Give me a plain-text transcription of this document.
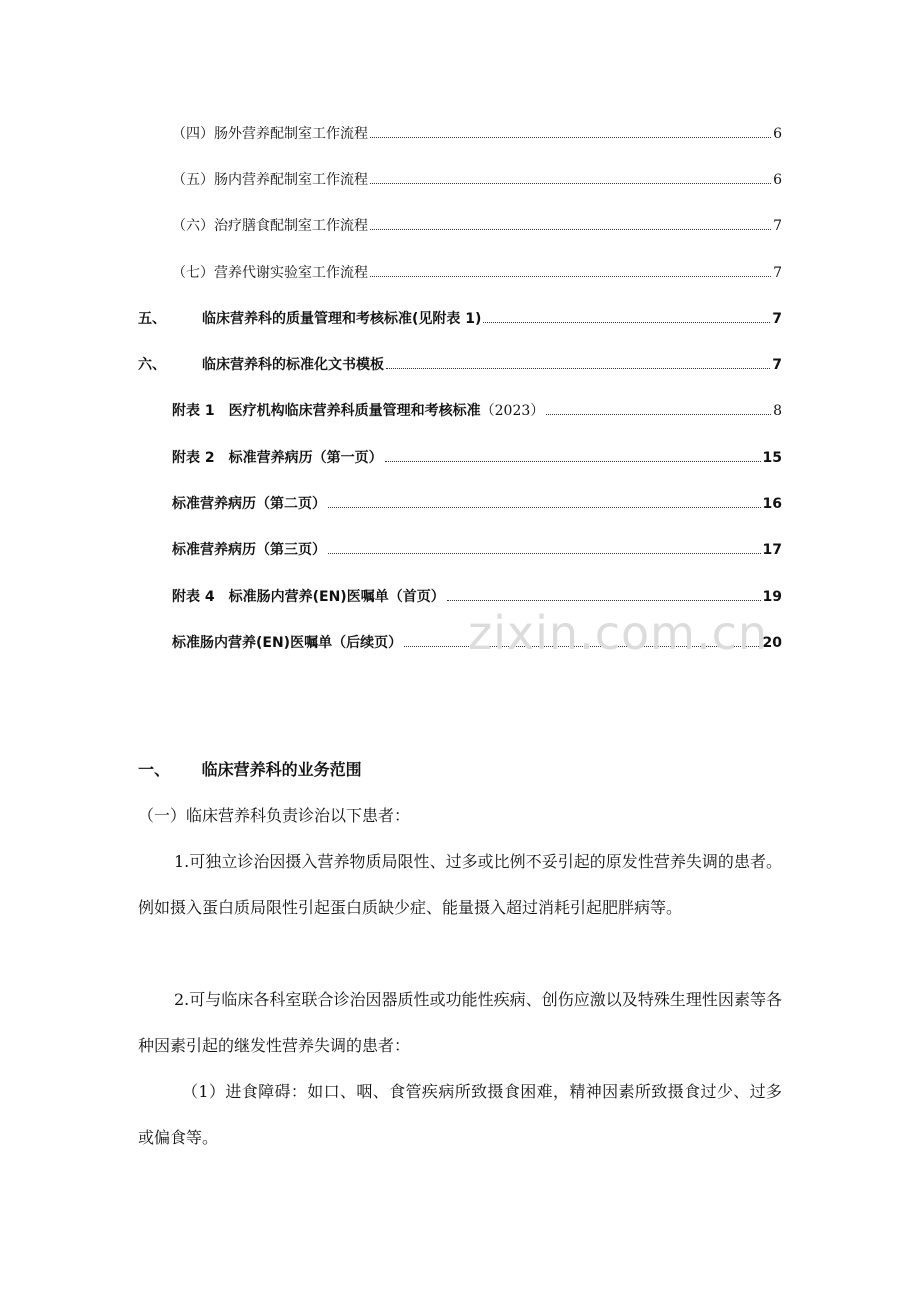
（四）肠外营养配制室工作流程	6
（五）肠内营养配制室工作流程	6
（六）治疗膳食配制室工作流程	7
（七）营养代谢实验室工作流程	7
五、	临床营养科的质量管理和考核标准(见附表 1)	7
六、	临床营养科的标准化文书模板	7
附表 1　医疗机构临床营养科质量管理和考核标准 （2023）	8
附表 2　标准营养病历（第一页）	15
标准营养病历（第二页）	16
标准营养病历（第三页）	17
附表 4　标准肠内营养(EN)医嘱单（首页）	19
标准肠内营养(EN)医嘱单（后续页）	20
zixin.com.cn
一、 临床营养科的业务范围

（一）临床营养科负责诊治以下患者：

1.可独立诊治因摄入营养物质局限性、过多或比例不妥引起的原发性营养失调的患者。例如摄入蛋白质局限性引起蛋白质缺少症、能量摄入超过消耗引起肥胖病等。

2.可与临床各科室联合诊治因器质性或功能性疾病、创伤应激以及特殊生理性因素等各种因素引起的继发性营养失调的患者：

（1）进食障碍：如口、咽、食管疾病所致摄食困难，精神因素所致摄食过少、过多或偏食等。
